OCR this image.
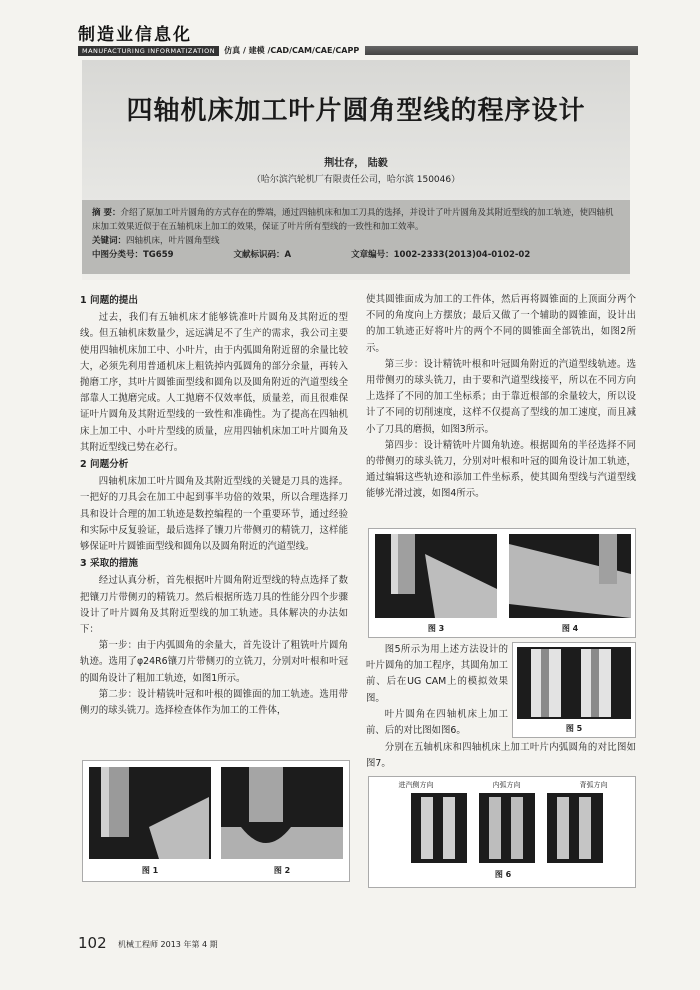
制造业信息化
MANUFACTURING INFORMATIZATION	仿真 / 建模 /CAD/CAM/CAE/CAPP
四轴机床加工叶片圆角型线的程序设计
荆壮存， 陆毅
（哈尔滨汽轮机厂有限责任公司，哈尔滨 150046）
摘 要：介绍了原加工叶片圆角的方式存在的弊端，通过四轴机床和加工刀具的选择，并设计了叶片圆角及其附近型线的加工轨迹，使四轴机床加工效果近似于在五轴机床上加工的效果，保证了叶片所有型线的一致性和加工效率。
关键词：四轴机床，叶片圆角型线
中图分类号：TG659	文献标识码：A	文章编号：1002-2333(2013)04-0102-02
1 问题的提出

过去，我们有五轴机床才能够铣准叶片圆角及其附近的型线。但五轴机床数量少，远远满足不了生产的需求，我公司主要使用四轴机床加工中、小叶片，由于内弧圆角附近留的余量比较大，必须先利用普通机床上粗铣掉内弧圆角的部分余量，再转入抛磨工序，其叶片圆锥面型线和圆角以及圆角附近的汽道型线全部靠人工抛磨完成。人工抛磨不仅效率低，质量差，而且很难保证叶片圆角及其附近型线的一致性和准确性。为了提高在四轴机床上加工中、小叶片型线的质量，应用四轴机床加工叶片圆角及其附近型线已势在必行。

2 问题分析

四轴机床加工叶片圆角及其附近型线的关键是刀具的选择。一把好的刀具会在加工中起到事半功倍的效果，所以合理选择刀具和设计合理的加工轨迹是数控编程的一个重要环节，通过经验和实际中反复验证，最后选择了镶刀片带侧刃的精铣刀，这样能够保证叶片圆锥面型线和圆角以及圆角附近的汽道型线。

3 采取的措施

经过认真分析，首先根据叶片圆角附近型线的特点选择了数把镶刀片带侧刃的精铣刀。然后根据所选刀具的性能分四个步骤设计了叶片圆角及其附近型线的加工轨迹。具体解决的办法如下：

第一步：由于内弧圆角的余量大，首先设计了粗铣叶片圆角轨迹。选用了φ24R6镶刀片带侧刃的立铣刀，分别对叶根和叶冠的圆角设计了粗加工轨迹，如图1所示。

第二步：设计精铣叶冠和叶根的圆锥面的加工轨迹。选用带侧刃的球头铣刀。选择检查体作为加工的工件体，

图 1	图 2

使其圆锥面成为加工的工件体，然后再将圆锥面的上顶面分两个不同的角度向上方摆放；最后又做了一个辅助的圆锥面，设计出的加工轨迹正好将叶片的两个不同的圆锥面全部铣出，如图2所示。

第三步：设计精铣叶根和叶冠圆角附近的汽道型线轨迹。选用带侧刃的球头铣刀，由于要和汽道型线接平，所以在不同方向上选择了不同的加工坐标系；由于靠近根部的余量较大，所以设计了不同的切削速度，这样不仅提高了型线的加工速度，而且减小了刀具的磨损，如图3所示。

第四步：设计精铣叶片圆角轨迹。根据圆角的半径选择不同的带侧刃的球头铣刀，分别对叶根和叶冠的圆角设计加工轨迹，通过编辑这些轨迹和添加工件坐标系，使其圆角型线与汽道型线能够光滑过渡，如图4所示。

图 3	图 4

图5所示为用上述方法设计的叶片圆角的加工程序，其圆角加工前、后在UG CAM上的模拟效果图。

叶片圆角在四轴机床上加工前、后的对比图如图6。

分别在五轴机床和四轴机床上加工叶片内弧圆角的对比图如图7。

图 5
进汽侧方向	内弧方向	背弧方向
图 6
102 机械工程师 2013 年第 4 期
